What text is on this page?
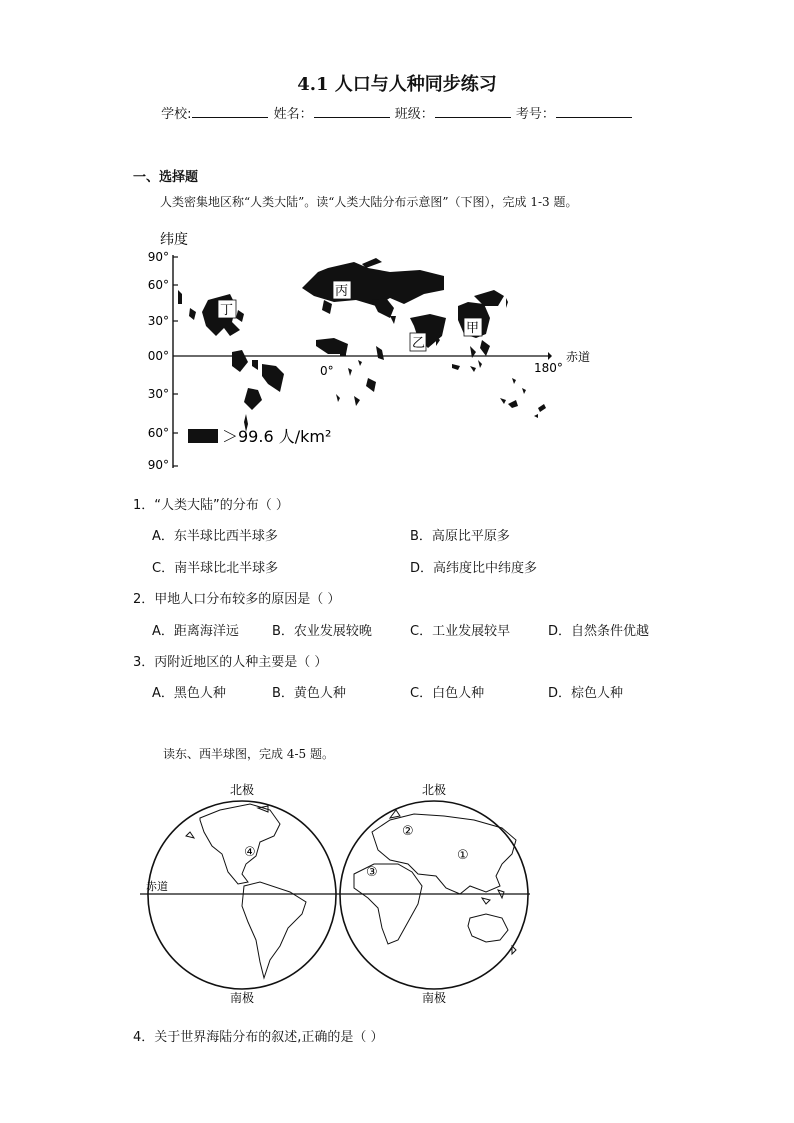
4.1 人口与人种同步练习
学校:	姓名：	班级：	考号：
一、选择题
人类密集地区称“人类大陆”。读“人类大陆分布示意图”（下图），完成 1-3 题。
纬度
90°
60°
30°
00°
30°
60°
90°
赤道
0°	180°
丁
丙
乙
甲
＞99.6 人/km²
1．“人类大陆”的分布（ ）
A．东半球比西半球多	B．高原比平原多
C．南半球比北半球多	D．高纬度比中纬度多
2．甲地人口分布较多的原因是（ ）
A．距离海洋远	B．农业发展较晚	C．工业发展较早	D．自然条件优越
3．丙附近地区的人种主要是（ ）
A．黑色人种	B．黄色人种	C．白色人种	D．棕色人种
读东、西半球图，完成 4-5 题。
北极	北极
赤道
④
②
③
①
南极	南极
4．关于世界海陆分布的叙述,正确的是（ ）
